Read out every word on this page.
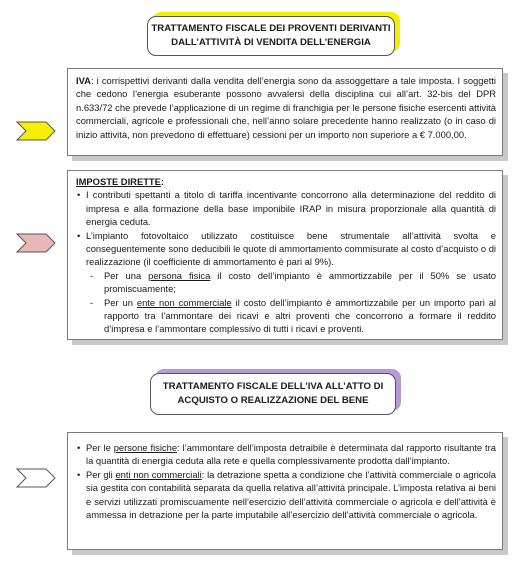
TRATTAMENTO FISCALE DEI PROVENTI DERIVANTI
DALL’ATTIVITÀ DI VENDITA DELL’ENERGIA
IVA: i corrispettivi derivanti dalla vendita dell’energia sono da assoggettare a tale imposta. I soggetti che cedono l’energia esuberante possono avvalersi della disciplina cui all’art. 32-bis del DPR n.633/72 che prevede l’applicazione di un regime di franchigia per le persone fisiche esercenti attività commerciali, agricole e professionali che, nell’anno solare precedente hanno realizzato (o in caso di inizio attività, non prevedono di effettuare) cessioni per un importo non superiore a € 7.000,00.
IMPOSTE DIRETTE:
• I contributi spettanti a titolo di tariffa incentivante concorrono alla determinazione del reddito di impresa e alla formazione della base imponibile IRAP in misura proporzionale alla quantità di energia ceduta.
• L’impianto fotovoltaico utilizzato costituisce bene strumentale all’attività svolta e conseguentemente sono deducibili le quote di ammortamento commisurate al costo d’acquisto o di realizzazione (il coefficiente di ammortamento è pari al 9%).
- Per una persona fisica il costo dell’impianto è ammortizzabile per il 50% se usato promiscuamente;
- Per un ente non commerciale il costo dell’impianto è ammortizzabile per un importo pari al rapporto tra l’ammontare dei ricavi e altri proventi che concorrono a formare il reddito d’impresa e l’ammontare complessivo di tutti i ricavi e proventi.
TRATTAMENTO FISCALE DELL’IVA ALL’ATTO DI
ACQUISTO O REALIZZAZIONE DEL BENE
• Per le persone fisiche: l’ammontare dell’imposta detraibile è determinata dal rapporto risultante tra la quantità di energia ceduta alla rete e quella complessivamente prodotta dall’impianto.
• Per gli enti non commerciali: la detrazione spetta a condizione che l’attività commerciale o agricola sia gestita con contabilità separata da quella relativa all’attività principale. L’imposta relativa ai beni e servizi utilizzati promiscuamente nell’esercizio dell’attività commerciale o agricola e dell’attività è ammessa in detrazione per la parte imputabile all’esercizio dell’attività commerciale o agricola.
